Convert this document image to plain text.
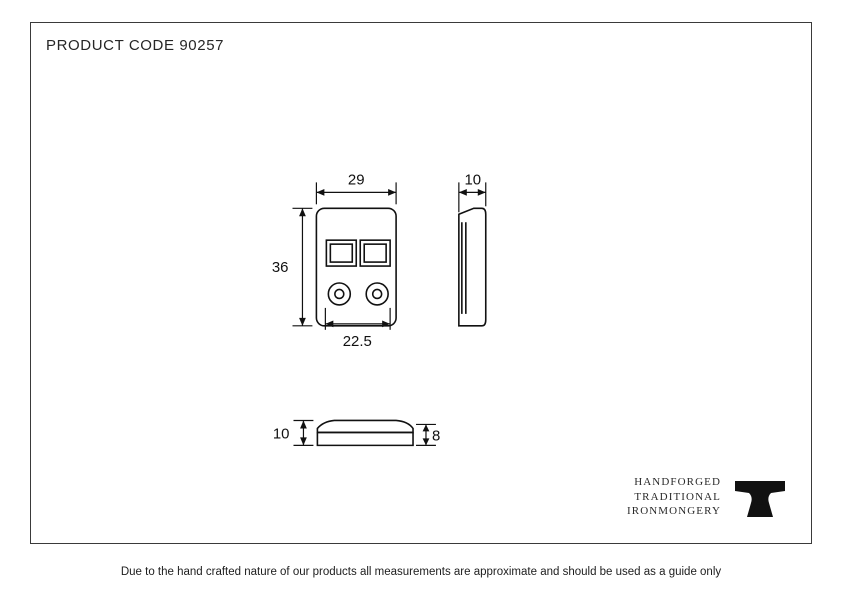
PRODUCT CODE 90257
29
36
22.5
10
10	8
HANDFORGED
TRADITIONAL
IRONMONGERY A
Due to the hand crafted nature of our products all measurements are approximate and should be used as a guide only
